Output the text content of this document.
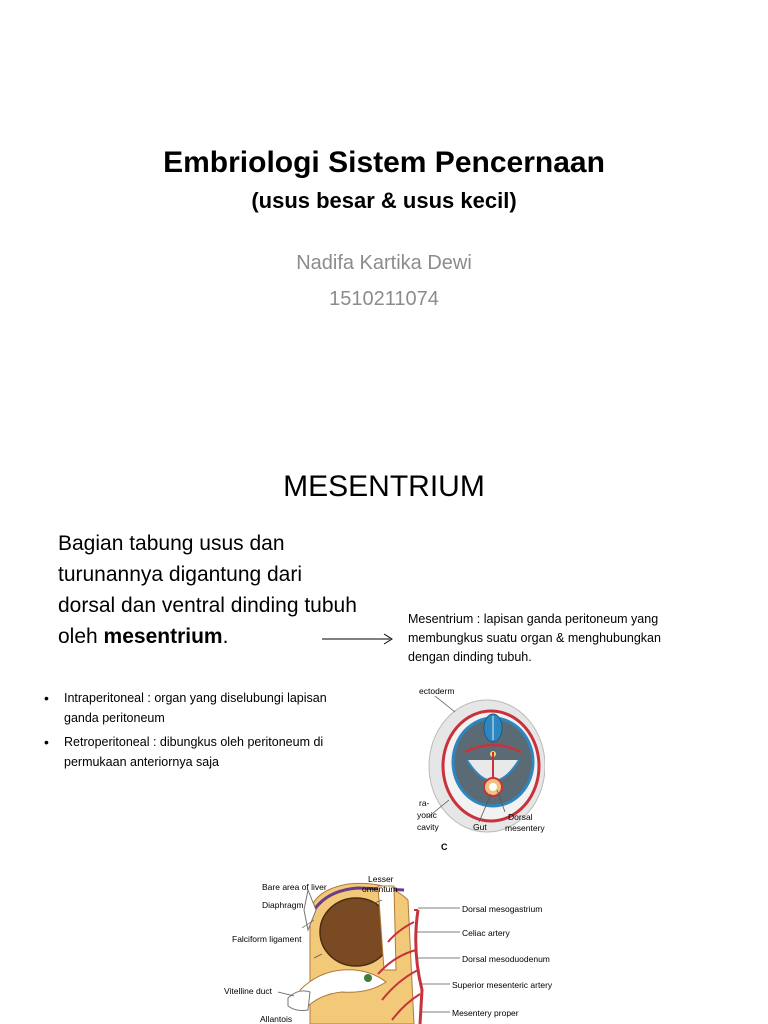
Embriologi Sistem Pencernaan
(usus besar & usus kecil)
Nadifa Kartika Dewi
1510211074
MESENTRIUM
Bagian tabung usus dan turunannya digantung dari dorsal dan ventral dinding tubuh oleh mesentrium.
Mesentrium : lapisan ganda peritoneum yang membungkus suatu organ & menghubungkan dengan dinding tubuh.
• Intraperitoneal : organ yang diselubungi lapisan ganda peritoneum
• Retroperitoneal : dibungkus oleh peritoneum di permukaan anteriornya saja
ectoderm
ra-
yonic
cavity	Gut
Dorsal
mesentery
C
Bare area of liver
Lesser
omentum
Diaphragm
Falciform ligament
Vitelline duct
Allantois
Dorsal mesogastrium
Celiac artery
Dorsal mesoduodenum
Superior mesenteric artery
Mesentery proper
